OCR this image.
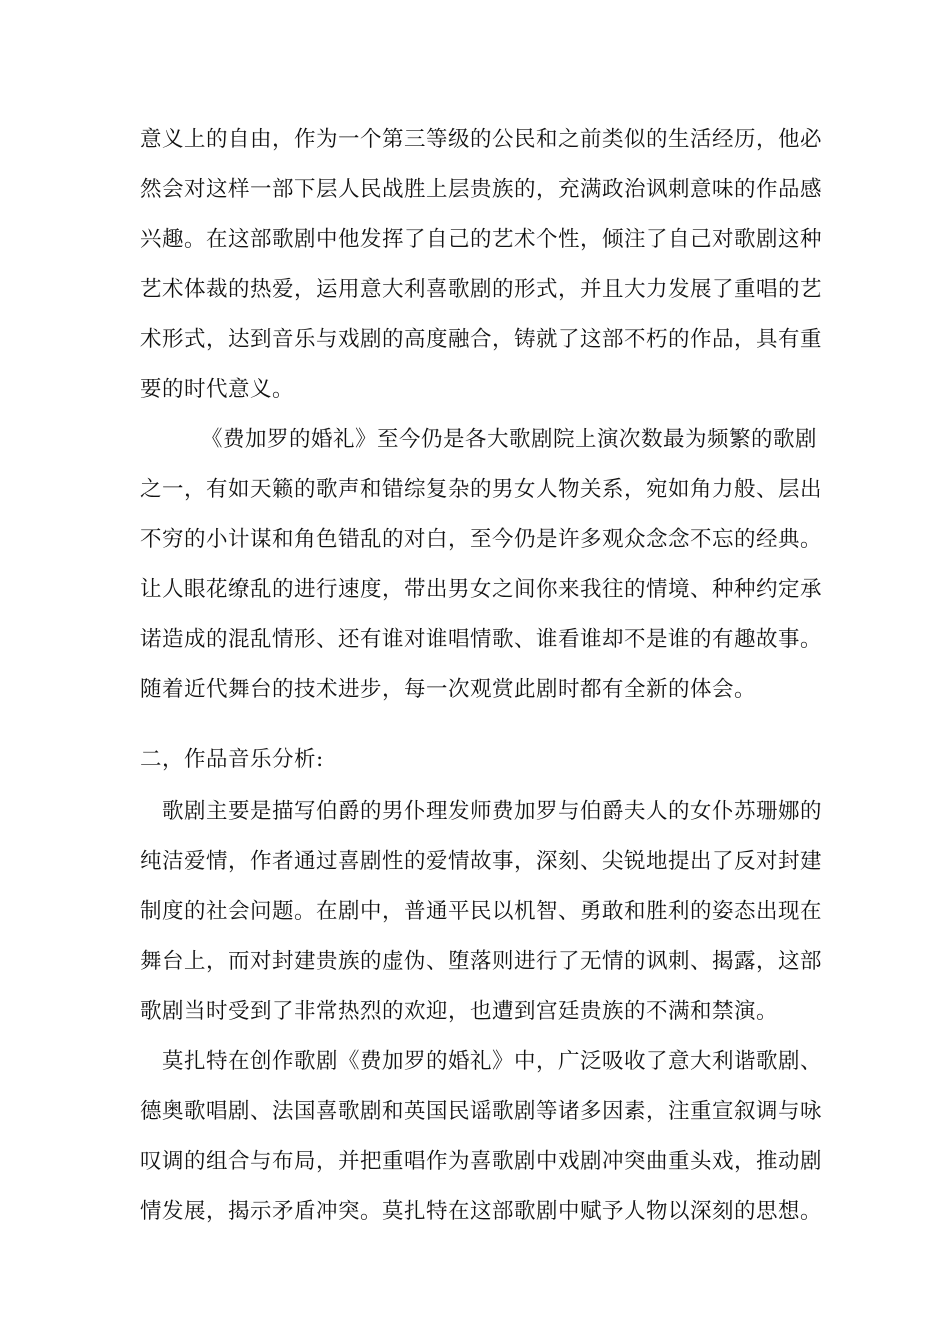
意义上的自由，作为一个第三等级的公民和之前类似的生活经历，他必
然会对这样一部下层人民战胜上层贵族的，充满政治讽刺意味的作品感
兴趣。在这部歌剧中他发挥了自己的艺术个性，倾注了自己对歌剧这种
艺术体裁的热爱，运用意大利喜歌剧的形式，并且大力发展了重唱的艺
术形式，达到音乐与戏剧的高度融合，铸就了这部不朽的作品，具有重
要的时代意义。
《费加罗的婚礼》至今仍是各大歌剧院上演次数最为频繁的歌剧
之一，有如天籁的歌声和错综复杂的男女人物关系，宛如角力般、层出
不穷的小计谋和角色错乱的对白，至今仍是许多观众念念不忘的经典。
让人眼花缭乱的进行速度，带出男女之间你来我往的情境、种种约定承
诺造成的混乱情形、还有谁对谁唱情歌、谁看谁却不是谁的有趣故事。
随着近代舞台的技术进步，每一次观赏此剧时都有全新的体会。
二，作品音乐分析:
歌剧主要是描写伯爵的男仆理发师费加罗与伯爵夫人的女仆苏珊娜的
纯洁爱情，作者通过喜剧性的爱情故事，深刻、尖锐地提出了反对封建
制度的社会问题。在剧中，普通平民以机智、勇敢和胜利的姿态出现在
舞台上，而对封建贵族的虚伪、堕落则进行了无情的讽刺、揭露，这部
歌剧当时受到了非常热烈的欢迎，也遭到宫廷贵族的不满和禁演。
莫扎特在创作歌剧《费加罗的婚礼》中，广泛吸收了意大利谐歌剧、
德奥歌唱剧、法国喜歌剧和英国民谣歌剧等诸多因素，注重宣叙调与咏
叹调的组合与布局，并把重唱作为喜歌剧中戏剧冲突曲重头戏，推动剧
情发展，揭示矛盾冲突。莫扎特在这部歌剧中赋予人物以深刻的思想。
